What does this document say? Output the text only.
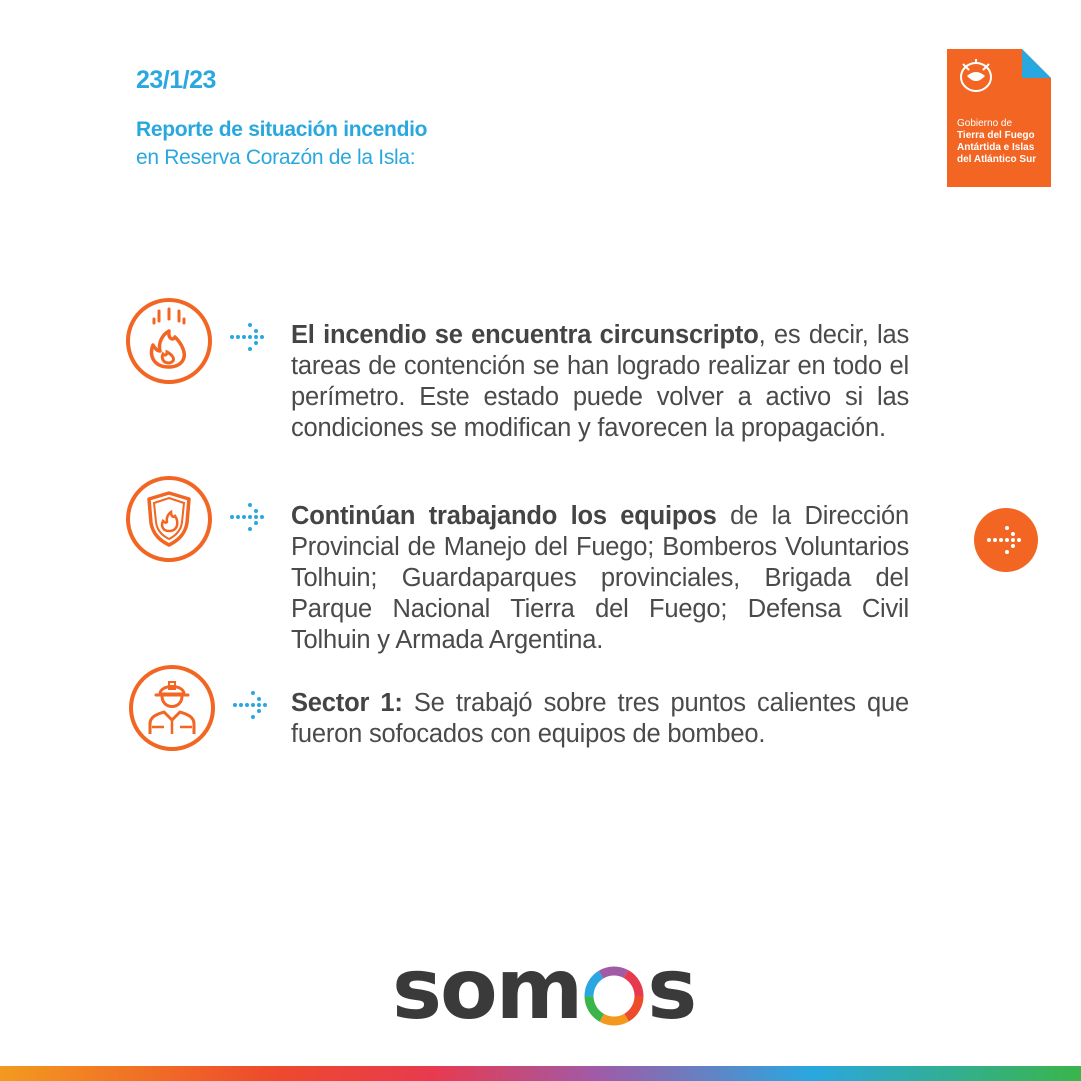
23/1/23
Reporte de situación incendio
en Reserva Corazón de la Isla:
Gobierno de
Tierra del Fuego
Antártida e Islas
del Atlántico Sur
El incendio se encuentra circunscripto, es decir, las tareas de contención se han logrado realizar en todo el perímetro. Este estado puede volver a activo si las condiciones se modifican y favorecen la propagación.
Continúan trabajando los equipos de la Dirección Provincial de Manejo del Fuego; Bomberos Voluntarios Tolhuin; Guardaparques provinciales, Brigada del Parque Nacional Tierra del Fuego; Defensa Civil Tolhuin y Armada Argentina.
Sector 1: Se trabajó sobre tres puntos calientes que fueron sofocados con equipos de bombeo.
som s
